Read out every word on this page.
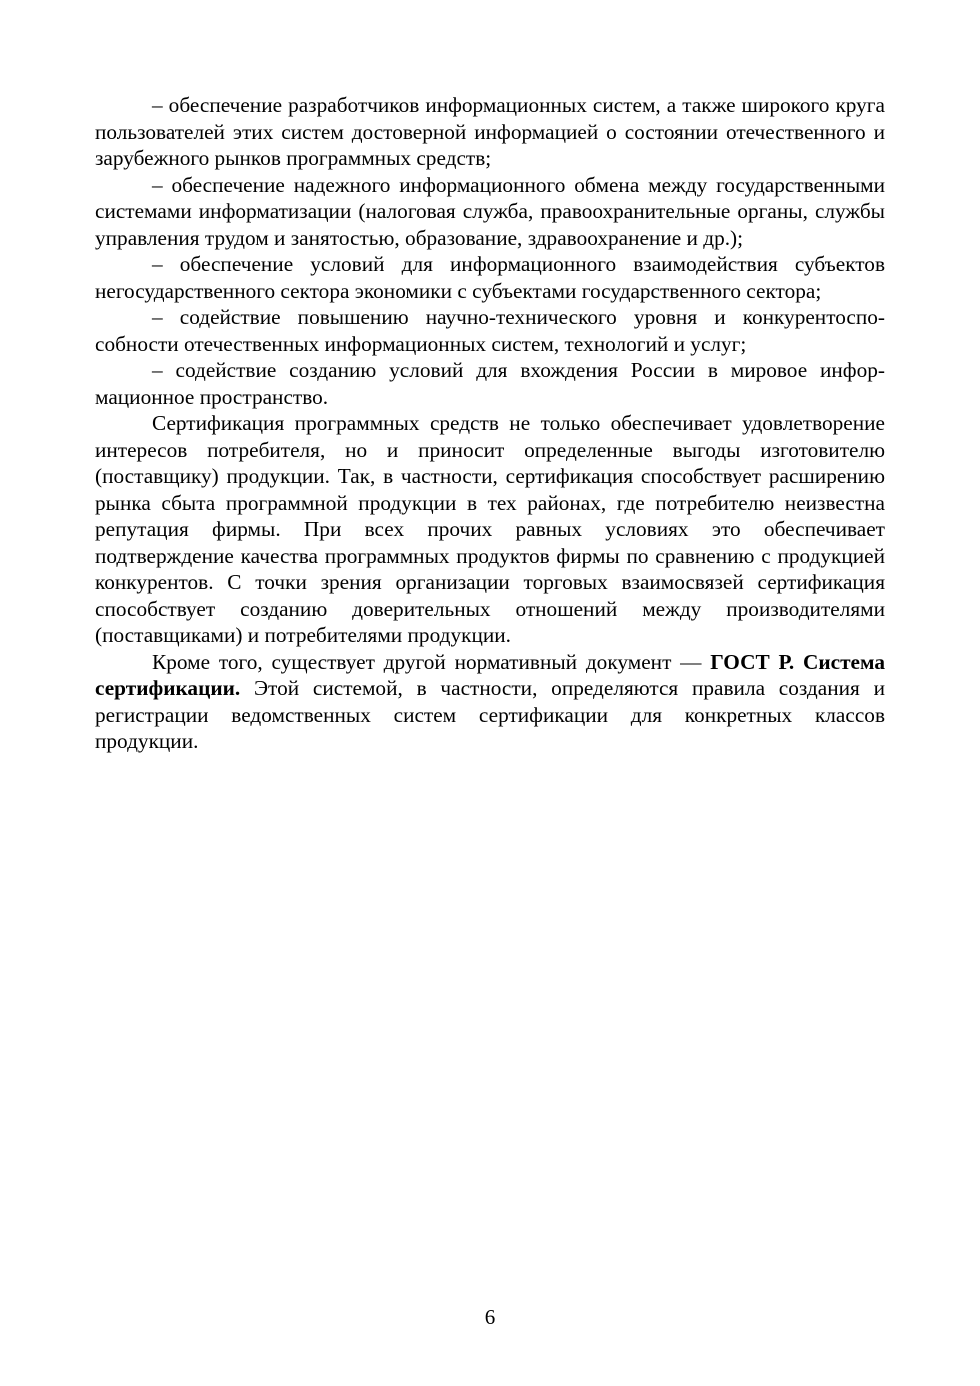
– обеспечение разработчиков информационных систем, а также широкого круга пользователей этих систем достоверной информацией о состоянии отечественного и зарубежного рынков программных средств;

– обеспечение надежного информационного обмена между государственными системами информатизации (налоговая служба, правоохранительные органы, службы управления трудом и занятостью, образование, здравоохранение и др.);

– обеспечение условий для информационного взаимодействия субъектов негосударственного сектора экономики с субъектами государственного сектора;

– содействие повышению научно-технического уровня и конкурентоспособности отечественных информационных систем, технологий и услуг;

– содействие созданию условий для вхождения России в мировое информационное пространство.

Сертификация программных средств не только обеспечивает удовлетворение интересов потребителя, но и приносит определенные выгоды изготовителю (поставщику) продукции. Так, в частности, сертификация способствует расширению рынка сбыта программной продукции в тех районах, где потребителю неизвестна репутация фирмы. При всех прочих равных условиях это обеспечивает подтверждение качества программных продуктов фирмы по сравнению с продукцией конкурентов. С точки зрения организации торговых взаимосвязей сертификация способствует созданию доверительных отношений между производителями (поставщиками) и потребителями продукции.

Кроме того, существует другой нормативный документ — ГОСТ Р. Система сертификации. Этой системой, в частности, определяются правила создания и регистрации ведомственных систем сертификации для конкретных классов продукции.

6
